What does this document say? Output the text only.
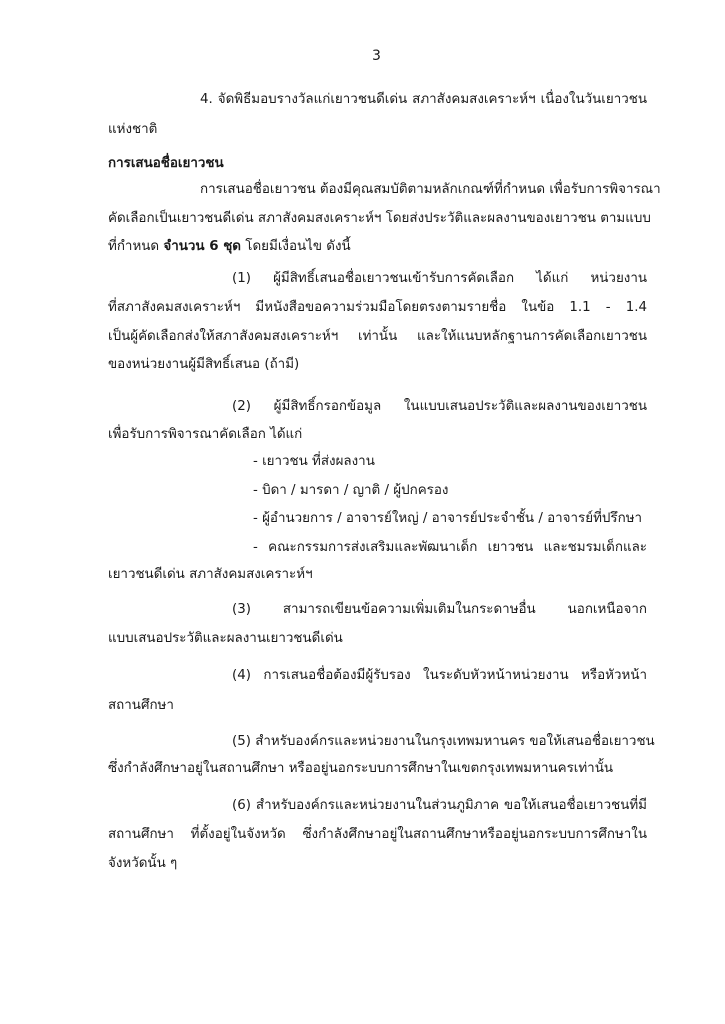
3
4. จัดพิธีมอบรางวัลแก่เยาวชนดีเด่น สภาสังคมสงเคราะห์ฯ เนื่องในวันเยาวชน
แห่งชาติ
การเสนอชื่อเยาวชน
การเสนอชื่อเยาวชน ต้องมีคุณสมบัติตามหลักเกณฑ์ที่กำหนด เพื่อรับการพิจารณา
คัดเลือกเป็นเยาวชนดีเด่น สภาสังคมสงเคราะห์ฯ โดยส่งประวัติและผลงานของเยาวชน ตามแบบ
ที่กำหนด จำนวน 6 ชุด โดยมีเงื่อนไข ดังนี้
(1) ผู้มีสิทธิ์เสนอชื่อเยาวชนเข้ารับการคัดเลือก ได้แก่ หน่วยงาน
ที่สภาสังคมสงเคราะห์ฯ มีหนังสือขอความร่วมมือโดยตรงตามรายชื่อ ในข้อ 1.1 - 1.4
เป็นผู้คัดเลือกส่งให้สภาสังคมสงเคราะห์ฯ เท่านั้น และให้แนบหลักฐานการคัดเลือกเยาวชน
ของหน่วยงานผู้มีสิทธิ์เสนอ (ถ้ามี)
(2) ผู้มีสิทธิ์กรอกข้อมูล ในแบบเสนอประวัติและผลงานของเยาวชน
เพื่อรับการพิจารณาคัดเลือก ได้แก่
- เยาวชน ที่ส่งผลงาน
- บิดา / มารดา / ญาติ / ผู้ปกครอง
- ผู้อำนวยการ / อาจารย์ใหญ่ / อาจารย์ประจำชั้น / อาจารย์ที่ปรึกษา
- คณะกรรมการส่งเสริมและพัฒนาเด็ก เยาวชน และชมรมเด็กและ
เยาวชนดีเด่น สภาสังคมสงเคราะห์ฯ
(3) สามารถเขียนข้อความเพิ่มเติมในกระดาษอื่น นอกเหนือจาก
แบบเสนอประวัติและผลงานเยาวชนดีเด่น
(4) การเสนอชื่อต้องมีผู้รับรอง ในระดับหัวหน้าหน่วยงาน หรือหัวหน้า
สถานศึกษา
(5) สำหรับองค์กรและหน่วยงานในกรุงเทพมหานคร ขอให้เสนอชื่อเยาวชน
ซึ่งกำลังศึกษาอยู่ในสถานศึกษา หรืออยู่นอกระบบการศึกษาในเขตกรุงเทพมหานครเท่านั้น
(6) สำหรับองค์กรและหน่วยงานในส่วนภูมิภาค ขอให้เสนอชื่อเยาวชนที่มี
สถานศึกษา ที่ตั้งอยู่ในจังหวัด ซึ่งกำลังศึกษาอยู่ในสถานศึกษาหรืออยู่นอกระบบการศึกษาใน
จังหวัดนั้น ๆ
